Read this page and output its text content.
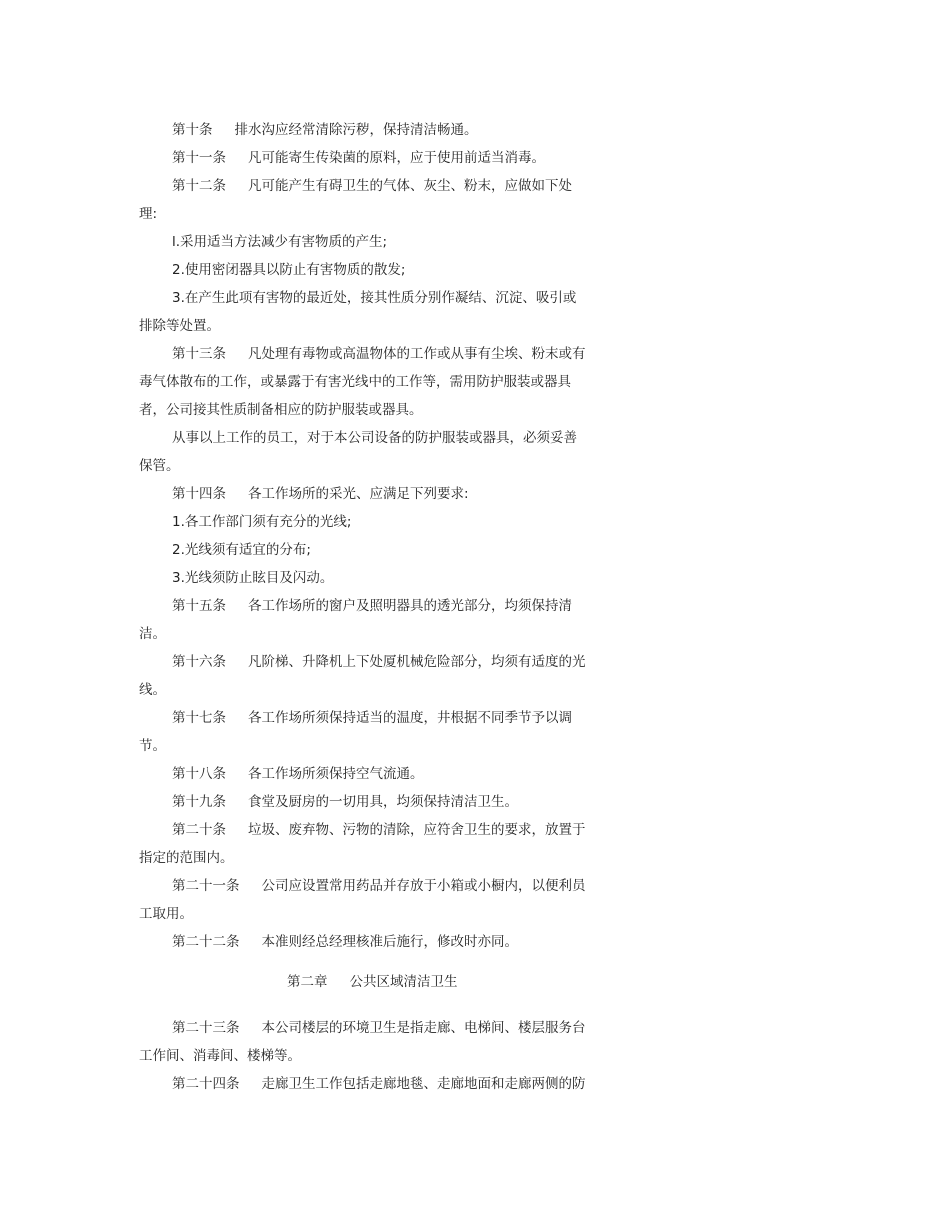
第十条 排水沟应经常清除污秽，保持清洁畅通。
第十一条 凡可能寄生传染菌的原料，应于使用前适当消毒。
第十二条 凡可能产生有碍卫生的气体、灰尘、粉末，应做如下处
理:
l.采用适当方法减少有害物质的产生;
2.使用密闭器具以防止有害物质的散发;
3.在产生此项有害物的最近处，接其性质分别作凝结、沉淀、吸引或
排除等处置。
第十三条 凡处理有毒物或高温物体的工作或从事有尘埃、粉末或有
毒气体散布的工作，或暴露于有害光线中的工作等，需用防护服装或器具
者，公司接其性质制备相应的防护服装或器具。
从事以上工作的员工，对于本公司设备的防护服装或器具，必须妥善
保管。
第十四条 各工作场所的采光、应满足下列要求:
1.各工作部门须有充分的光线;
2.光线须有适宜的分布;
3.光线须防止眩目及闪动。
第十五条 各工作场所的窗户及照明器具的透光部分，均须保持清
洁。
第十六条 凡阶梯、升降机上下处厦机械危险部分，均须有适度的光
线。
第十七条 各工作场所须保持适当的温度，井根据不同季节予以调
节。
第十八条 各工作场所须保持空气流通。
第十九条 食堂及厨房的一切用具，均须保持清洁卫生。
第二十条 垃圾、废弃物、污物的清除，应符舍卫生的要求，放置于
指定的范围内。
第二十一条 公司应设置常用药品并存放于小箱或小橱内，以便利员
工取用。
第二十二条 本准则经总经理核准后施行，修改时亦同。
第二章 公共区域清洁卫生
第二十三条 本公司楼层的环境卫生是指走廊、电梯间、楼层服务台
工作间、消毒间、楼梯等。
第二十四条 走廊卫生工作包括走廊地毯、走廊地面和走廊两侧的防
